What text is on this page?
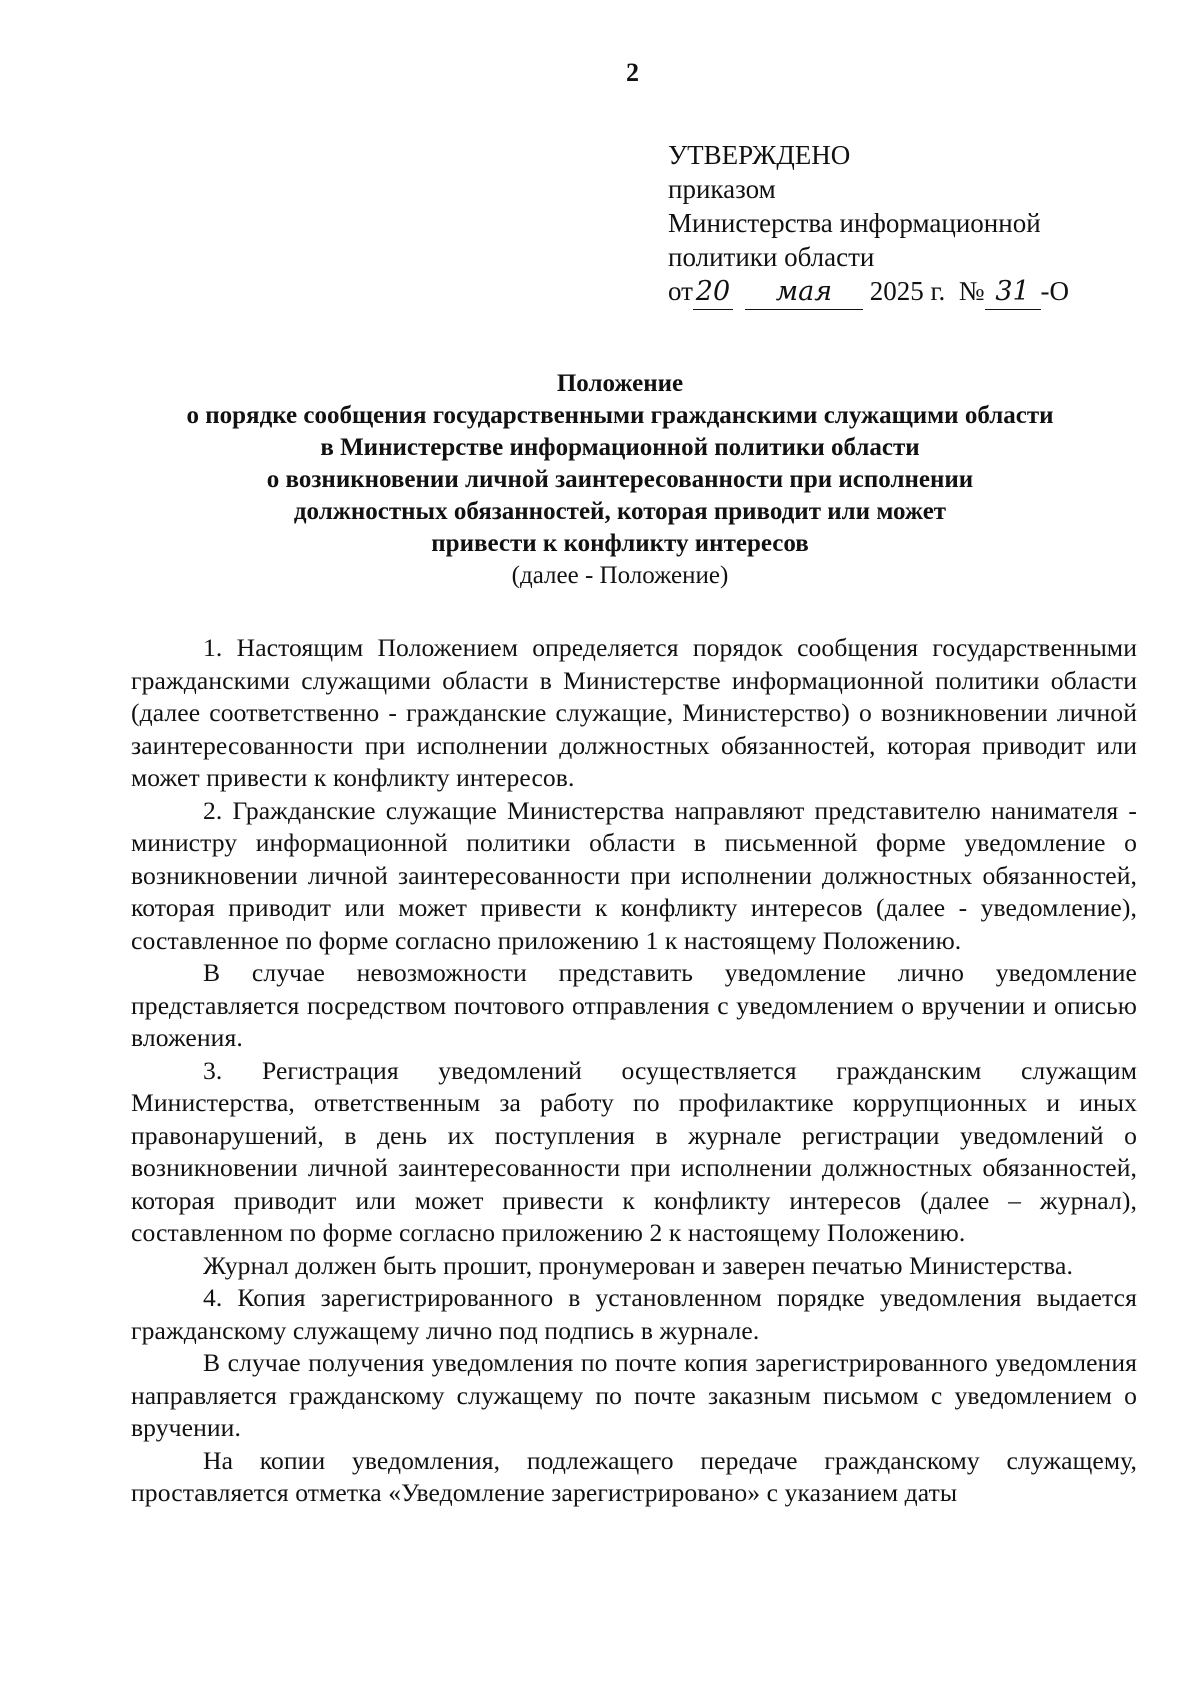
2
УТВЕРЖДЕНО
приказом
Министерства информационной
политики области
от 20 мая 2025 г. № 31 -О
Положение
о порядке сообщения государственными гражданскими служащими области
в Министерстве информационной политики области
о возникновении личной заинтересованности при исполнении
должностных обязанностей, которая приводит или может
привести к конфликту интересов
(далее - Положение)

1. Настоящим Положением определяется порядок сообщения государственными гражданскими служащими области в Министерстве информационной политики области (далее соответственно - гражданские служащие, Министерство) о возникновении личной заинтересованности при исполнении должностных обязанностей, которая приводит или может привести к конфликту интересов.

2. Гражданские служащие Министерства направляют представителю нанимателя - министру информационной политики области в письменной форме уведомление о возникновении личной заинтересованности при исполнении должностных обязанностей, которая приводит или может привести к конфликту интересов (далее - уведомление), составленное по форме согласно приложению 1 к настоящему Положению.

В случае невозможности представить уведомление лично уведомление представляется посредством почтового отправления с уведомлением о вручении и описью вложения.

3. Регистрация уведомлений осуществляется гражданским служащим Министерства, ответственным за работу по профилактике коррупционных и иных правонарушений, в день их поступления в журнале регистрации уведомлений о возникновении личной заинтересованности при исполнении должностных обязанностей, которая приводит или может привести к конфликту интересов (далее – журнал), составленном по форме согласно приложению 2 к настоящему Положению.

Журнал должен быть прошит, пронумерован и заверен печатью Министерства.

4. Копия зарегистрированного в установленном порядке уведомления выдается гражданскому служащему лично под подпись в журнале.

В случае получения уведомления по почте копия зарегистрированного уведомления направляется гражданскому служащему по почте заказным письмом с уведомлением о вручении.

На копии уведомления, подлежащего передаче гражданскому служащему, проставляется отметка «Уведомление зарегистрировано» с указанием даты
